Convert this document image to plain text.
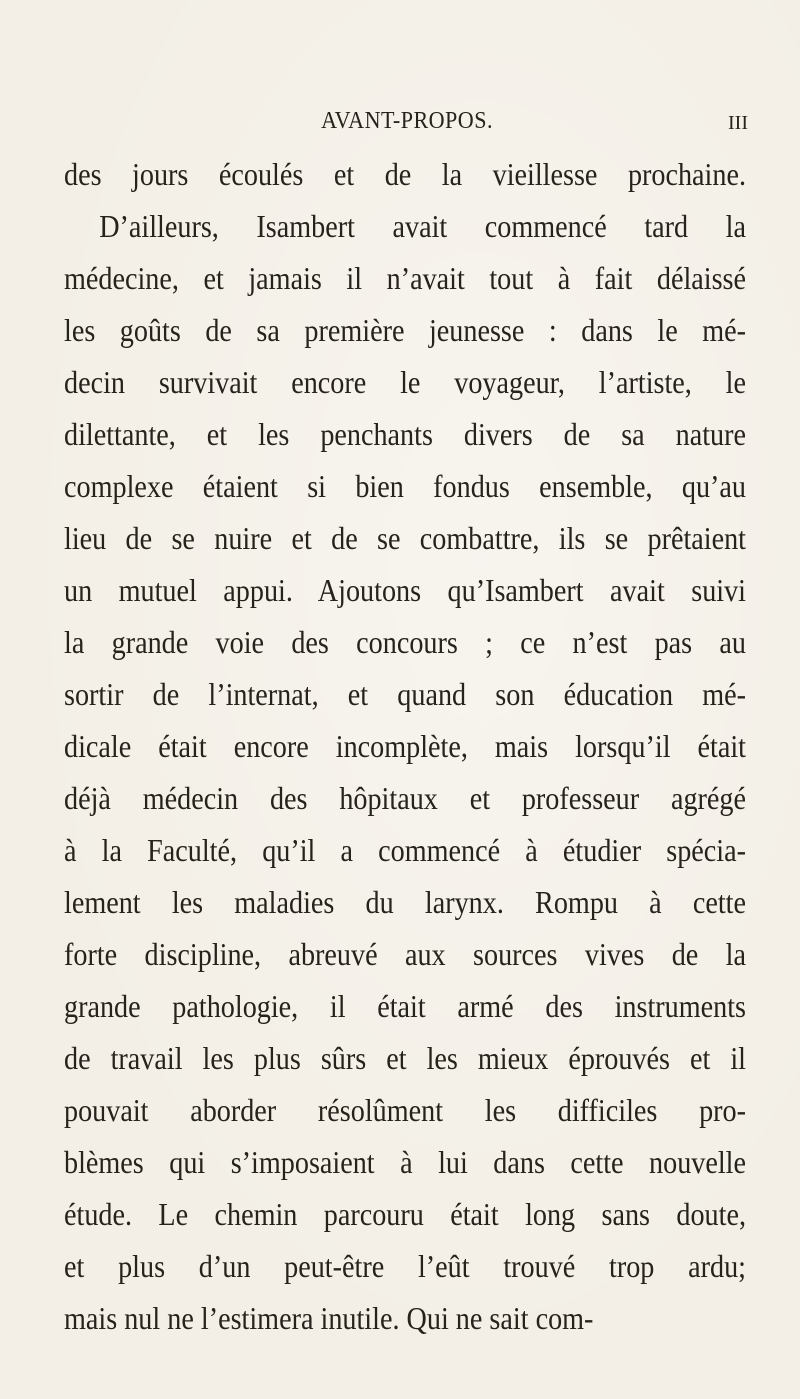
AVANT-PROPOS.	III
des jours écoulés et de la vieillesse prochaine.
D’ailleurs, Isambert avait commencé tard la
médecine, et jamais il n’avait tout à fait délaissé
les goûts de sa première jeunesse : dans le mé-
decin survivait encore le voyageur, l’artiste, le
dilettante, et les penchants divers de sa nature
complexe étaient si bien fondus ensemble, qu’au
lieu de se nuire et de se combattre, ils se prêtaient
un mutuel appui. Ajoutons qu’Isambert avait suivi
la grande voie des concours ; ce n’est pas au
sortir de l’internat, et quand son éducation mé-
dicale était encore incomplète, mais lorsqu’il était
déjà médecin des hôpitaux et professeur agrégé
à la Faculté, qu’il a commencé à étudier spécia-
lement les maladies du larynx. Rompu à cette
forte discipline, abreuvé aux sources vives de la
grande pathologie, il était armé des instruments
de travail les plus sûrs et les mieux éprouvés et il
pouvait aborder résolûment les difficiles pro-
blèmes qui s’imposaient à lui dans cette nouvelle
étude. Le chemin parcouru était long sans doute,
et plus d’un peut-être l’eût trouvé trop ardu;
mais nul ne l’estimera inutile. Qui ne sait com-
